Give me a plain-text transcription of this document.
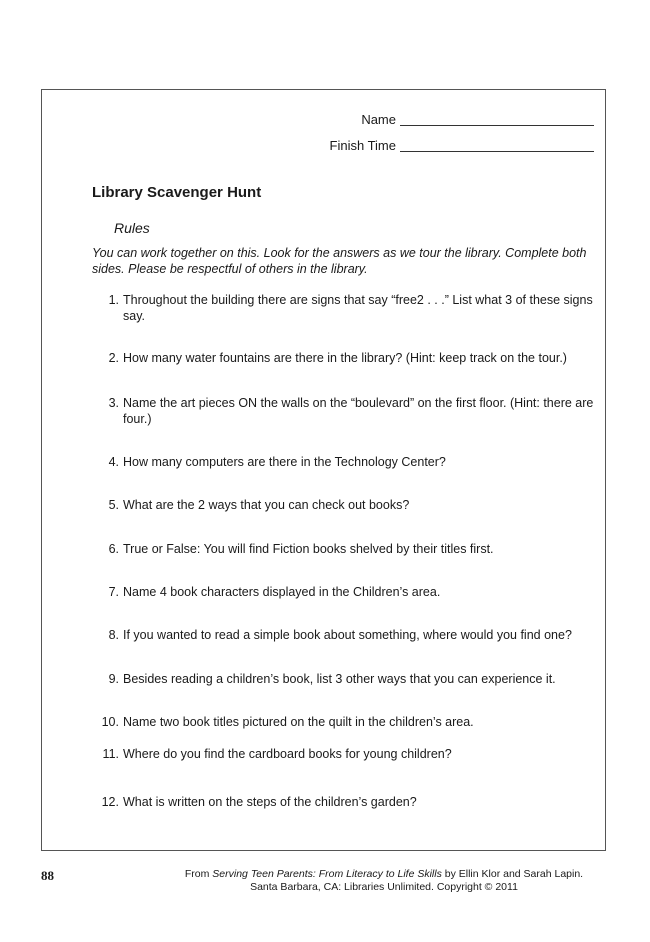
Name
Finish Time
Library Scavenger Hunt
Rules
You can work together on this. Look for the answers as we tour the library. Complete both sides. Please be respectful of others in the library.
1. Throughout the building there are signs that say “free2 . . .” List what 3 of these signs say.
2. How many water fountains are there in the library? (Hint: keep track on the tour.)
3. Name the art pieces ON the walls on the “boulevard” on the first floor. (Hint: there are four.)
4. How many computers are there in the Technology Center?
5. What are the 2 ways that you can check out books?
6. True or False: You will find Fiction books shelved by their titles first.
7. Name 4 book characters displayed in the Children’s area.
8. If you wanted to read a simple book about something, where would you find one?
9. Besides reading a children’s book, list 3 other ways that you can experience it.
10. Name two book titles pictured on the quilt in the children’s area.
11. Where do you find the cardboard books for young children?
12. What is written on the steps of the children’s garden?
88	From Serving Teen Parents: From Literacy to Life Skills by Ellin Klor and Sarah Lapin.
Santa Barbara, CA: Libraries Unlimited. Copyright © 2011
